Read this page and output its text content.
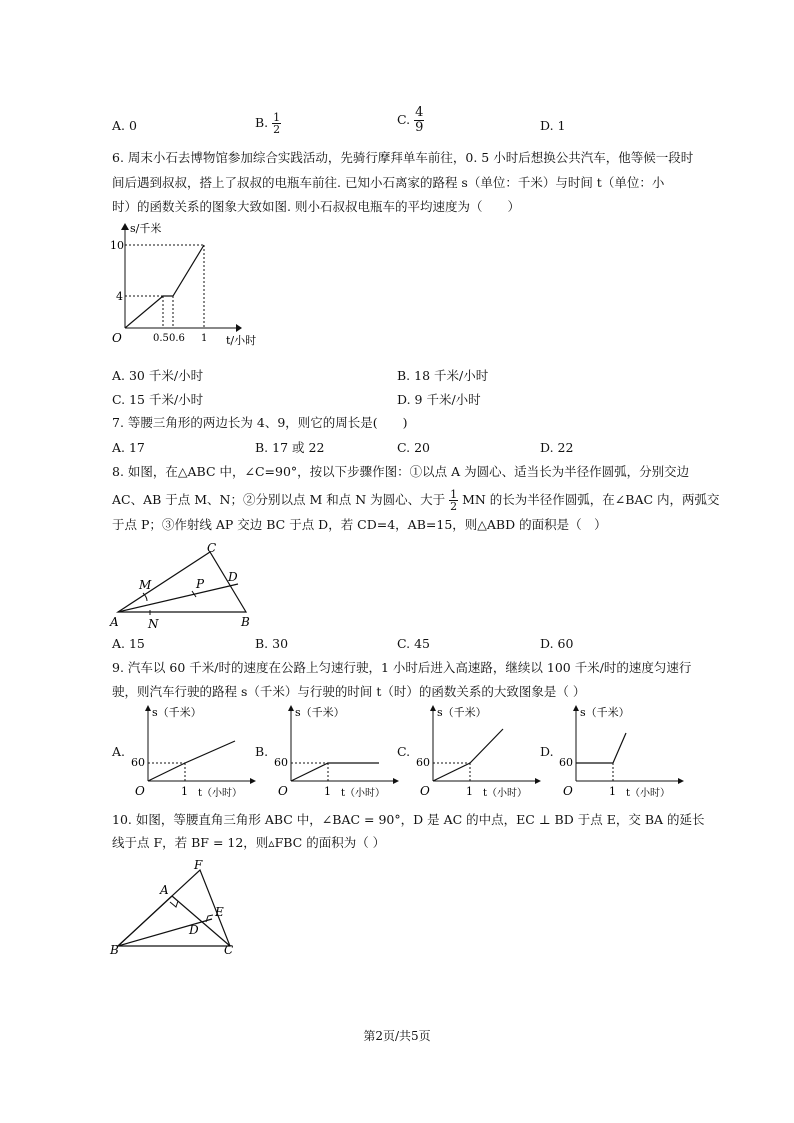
A. 0	B. $\frac{1}{2}$	C. $\frac{4}{9}$	D. 1
6. 周末小石去博物馆参加综合实践活动，先骑行摩拜单车前往，0. 5 小时后想换公共汽车，他等候一段时
间后遇到叔叔，搭上了叔叔的电瓶车前往. 已知小石离家的路程 s（单位：千米）与时间 t（单位：小
时）的函数关系的图象大致如图. 则小石叔叔电瓶车的平均速度为（　　）
s/千米
10
4
O	0.5 0.6 1 t/小时
A. 30 千米/小时	B. 18 千米/小时
C. 15 千米/小时	D. 9 千米/小时
7. 等腰三角形的两边长为 4、9，则它的周长是(　　)
A. 17	B. 17 或 22	C. 20	D. 22
8. 如图，在△ABC 中，∠C=90°，按以下步骤作图：①以点 A 为圆心、适当长为半径作圆弧，分别交边
AC、AB 于点 M、N；②分别以点 M 和点 N 为圆心、大于 $\frac{1}{2}$ MN 的长为半径作圆弧，在∠BAC 内，两弧交
于点 P；③作射线 AP 交边 BC 于点 D，若 CD=4，AB=15，则△ABD 的面积是（　）
C
M	P D
A N	B
A. 15	B. 30	C. 45	D. 60
9. 汽车以 60 千米/时的速度在公路上匀速行驶，1 小时后进入高速路，继续以 100 千米/时的速度匀速行
驶，则汽车行驶的路程 s（千米）与行驶的时间 t（时）的函数关系的大致图象是（ ）
A.
s（千米）
60
O	1 t（小时）
B.
s（千米）
60
O	1 t（小时）
C.
s（千米）
60
O	1 t（小时）
D.
s（千米）
60
O	1 t（小时）
10. 如图，等腰直角三角形 ABC 中，∠BAC = 90°，D 是 AC 的中点，EC ⊥ BD 于点 E，交 BA 的延长
线于点 F，若 BF = 12，则▵FBC 的面积为（ ）
F
A
E
D
B	C
第2页/共5页
